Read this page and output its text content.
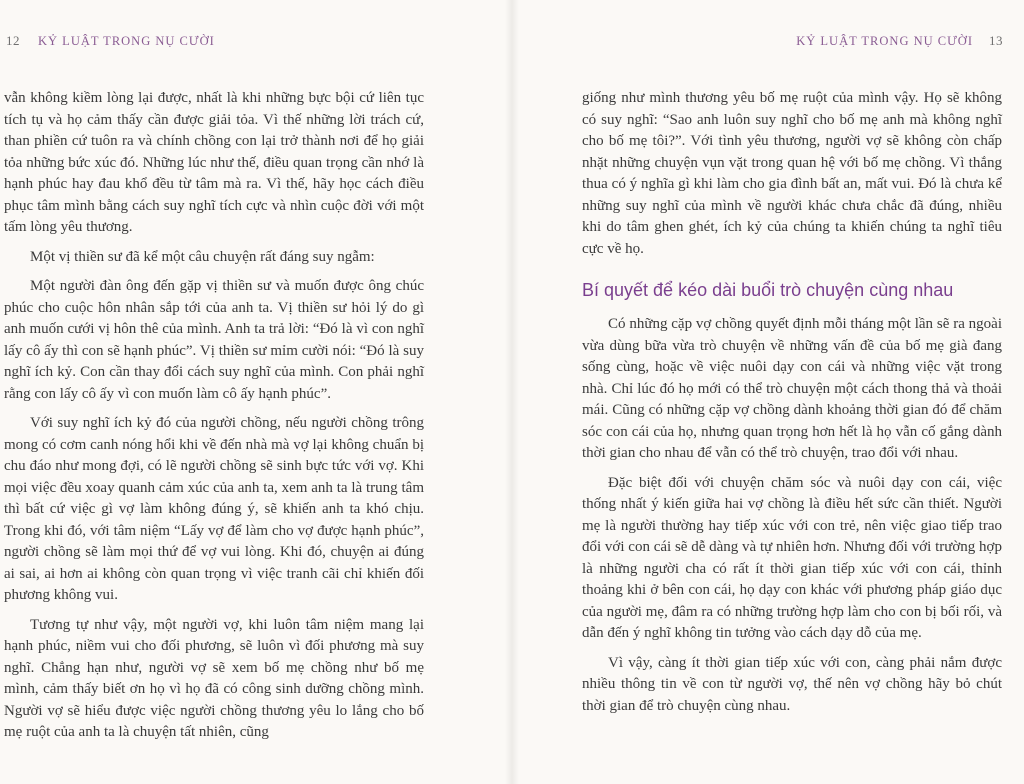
12 KỶ LUẬT TRONG NỤ CƯỜI

vẫn không kiềm lòng lại được, nhất là khi những bực bội cứ liên tục tích tụ và họ cảm thấy cần được giải tỏa. Vì thế những lời trách cứ, than phiền cứ tuôn ra và chính chồng con lại trở thành nơi để họ giải tỏa những bức xúc đó. Những lúc như thế, điều quan trọng cần nhớ là hạnh phúc hay đau khổ đều từ tâm mà ra. Vì thế, hãy học cách điều phục tâm mình bằng cách suy nghĩ tích cực và nhìn cuộc đời với một tấm lòng yêu thương.

Một vị thiền sư đã kể một câu chuyện rất đáng suy ngẫm:

Một người đàn ông đến gặp vị thiền sư và muốn được ông chúc phúc cho cuộc hôn nhân sắp tới của anh ta. Vị thiền sư hỏi lý do gì anh muốn cưới vị hôn thê của mình. Anh ta trả lời: “Đó là vì con nghĩ lấy cô ấy thì con sẽ hạnh phúc”. Vị thiền sư mỉm cười nói: “Đó là suy nghĩ ích kỷ. Con cần thay đổi cách suy nghĩ của mình. Con phải nghĩ rằng con lấy cô ấy vì con muốn làm cô ấy hạnh phúc”.

Với suy nghĩ ích kỷ đó của người chồng, nếu người chồng trông mong có cơm canh nóng hổi khi về đến nhà mà vợ lại không chuẩn bị chu đáo như mong đợi, có lẽ người chồng sẽ sinh bực tức với vợ. Khi mọi việc đều xoay quanh cảm xúc của anh ta, xem anh ta là trung tâm thì bất cứ việc gì vợ làm không đúng ý, sẽ khiến anh ta khó chịu. Trong khi đó, với tâm niệm “Lấy vợ để làm cho vợ được hạnh phúc”, người chồng sẽ làm mọi thứ để vợ vui lòng. Khi đó, chuyện ai đúng ai sai, ai hơn ai không còn quan trọng vì việc tranh cãi chỉ khiến đối phương không vui.

Tương tự như vậy, một người vợ, khi luôn tâm niệm mang lại hạnh phúc, niềm vui cho đối phương, sẽ luôn vì đối phương mà suy nghĩ. Chẳng hạn như, người vợ sẽ xem bố mẹ chồng như bố mẹ mình, cảm thấy biết ơn họ vì họ đã có công sinh dưỡng chồng mình. Người vợ sẽ hiểu được việc người chồng thương yêu lo lắng cho bố mẹ ruột của anh ta là chuyện tất nhiên, cũng

KỶ LUẬT TRONG NỤ CƯỜI 13

giống như mình thương yêu bố mẹ ruột của mình vậy. Họ sẽ không có suy nghĩ: “Sao anh luôn suy nghĩ cho bố mẹ anh mà không nghĩ cho bố mẹ tôi?”. Với tình yêu thương, người vợ sẽ không còn chấp nhặt những chuyện vụn vặt trong quan hệ với bố mẹ chồng. Vì thắng thua có ý nghĩa gì khi làm cho gia đình bất an, mất vui. Đó là chưa kể những suy nghĩ của mình về người khác chưa chắc đã đúng, nhiều khi do tâm ghen ghét, ích kỷ của chúng ta khiến chúng ta nghĩ tiêu cực về họ.

Bí quyết để kéo dài buổi trò chuyện cùng nhau

Có những cặp vợ chồng quyết định mỗi tháng một lần sẽ ra ngoài vừa dùng bữa vừa trò chuyện về những vấn đề của bố mẹ già đang sống cùng, hoặc về việc nuôi dạy con cái và những việc vặt trong nhà. Chỉ lúc đó họ mới có thể trò chuyện một cách thong thả và thoải mái. Cũng có những cặp vợ chồng dành khoảng thời gian đó để chăm sóc con cái của họ, nhưng quan trọng hơn hết là họ vẫn cố gắng dành thời gian cho nhau để vẫn có thể trò chuyện, trao đổi với nhau.

Đặc biệt đối với chuyện chăm sóc và nuôi dạy con cái, việc thống nhất ý kiến giữa hai vợ chồng là điều hết sức cần thiết. Người mẹ là người thường hay tiếp xúc với con trẻ, nên việc giao tiếp trao đổi với con cái sẽ dễ dàng và tự nhiên hơn. Nhưng đối với trường hợp là những người cha có rất ít thời gian tiếp xúc với con cái, thỉnh thoảng khi ở bên con cái, họ dạy con khác với phương pháp giáo dục của người mẹ, đâm ra có những trường hợp làm cho con bị bối rối, và dẫn đến ý nghĩ không tin tưởng vào cách dạy dỗ của mẹ.

Vì vậy, càng ít thời gian tiếp xúc với con, càng phải nắm được nhiều thông tin về con từ người vợ, thế nên vợ chồng hãy bỏ chút thời gian để trò chuyện cùng nhau.
